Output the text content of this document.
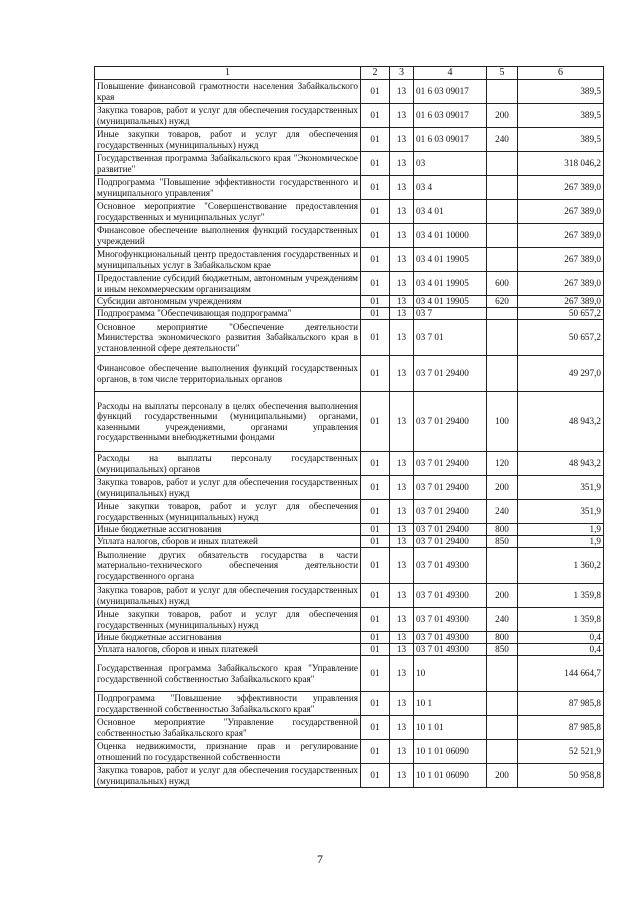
1	2	3	4	5	6
Повышение финансовой грамотности населения Забайкальского края	01	13	01 6 03 09017		389,5
Закупка товаров, работ и услуг для обеспечения государственных (муниципальных) нужд	01	13	01 6 03 09017	200	389,5
Иные закупки товаров, работ и услуг для обеспечения государственных (муниципальных) нужд	01	13	01 6 03 09017	240	389,5
Государственная программа Забайкальского края "Экономическое развитие"	01	13	03		318 046,2
Подпрограмма "Повышение эффективности государственного и муниципального управления"	01	13	03 4		267 389,0
Основное мероприятие "Совершенствование предоставления государственных и муниципальных услуг"	01	13	03 4 01		267 389,0
Финансовое обеспечение выполнения функций государственных учреждений	01	13	03 4 01 10000		267 389,0
Многофункциональный центр предоставления государственных и муниципальных услуг в Забайкальском крае	01	13	03 4 01 19905		267 389,0
Предоставление субсидий бюджетным, автономным учреждениям и иным некоммерческим организациям	01	13	03 4 01 19905	600	267 389,0
Субсидии автономным учреждениям	01	13	03 4 01 19905	620	267 389,0
Подпрограмма "Обеспечивающая подпрограмма"	01	13	03 7		50 657,2
Основное мероприятие "Обеспечение деятельности Министерства экономического развития Забайкальского края в установленной сфере деятельности"	01	13	03 7 01		50 657,2
Финансовое обеспечение выполнения функций государственных органов, в том числе территориальных органов	01	13	03 7 01 29400		49 297,0
Расходы на выплаты персоналу в целях обеспечения выполнения функций государственными (муниципальными) органами, казенными учреждениями, органами управления государственными внебюджетными фондами	01	13	03 7 01 29400	100	48 943,2
Расходы на выплаты персоналу государственных (муниципальных) органов	01	13	03 7 01 29400	120	48 943,2
Закупка товаров, работ и услуг для обеспечения государственных (муниципальных) нужд	01	13	03 7 01 29400	200	351,9
Иные закупки товаров, работ и услуг для обеспечения государственных (муниципальных) нужд	01	13	03 7 01 29400	240	351,9
Иные бюджетные ассигнования	01	13	03 7 01 29400	800	1,9
Уплата налогов, сборов и иных платежей	01	13	03 7 01 29400	850	1,9
Выполнение других обязательств государства в части материально-технического обеспечения деятельности государственного органа	01	13	03 7 01 49300		1 360,2
Закупка товаров, работ и услуг для обеспечения государственных (муниципальных) нужд	01	13	03 7 01 49300	200	1 359,8
Иные закупки товаров, работ и услуг для обеспечения государственных (муниципальных) нужд	01	13	03 7 01 49300	240	1 359,8
Иные бюджетные ассигнования	01	13	03 7 01 49300	800	0,4
Уплата налогов, сборов и иных платежей	01	13	03 7 01 49300	850	0,4
Государственная программа Забайкальского края "Управление государственной собственностью Забайкальского края"	01	13	10		144 664,7
Подпрограмма "Повышение эффективности управления государственной собственностью Забайкальского края"	01	13	10 1		87 985,8
Основное мероприятие "Управление государственной собственностью Забайкальского края"	01	13	10 1 01		87 985,8
Оценка недвижимости, признание прав и регулирование отношений по государственной собственности	01	13	10 1 01 06090		52 521,9
Закупка товаров, работ и услуг для обеспечения государственных (муниципальных) нужд	01	13	10 1 01 06090	200	50 958,8
7
